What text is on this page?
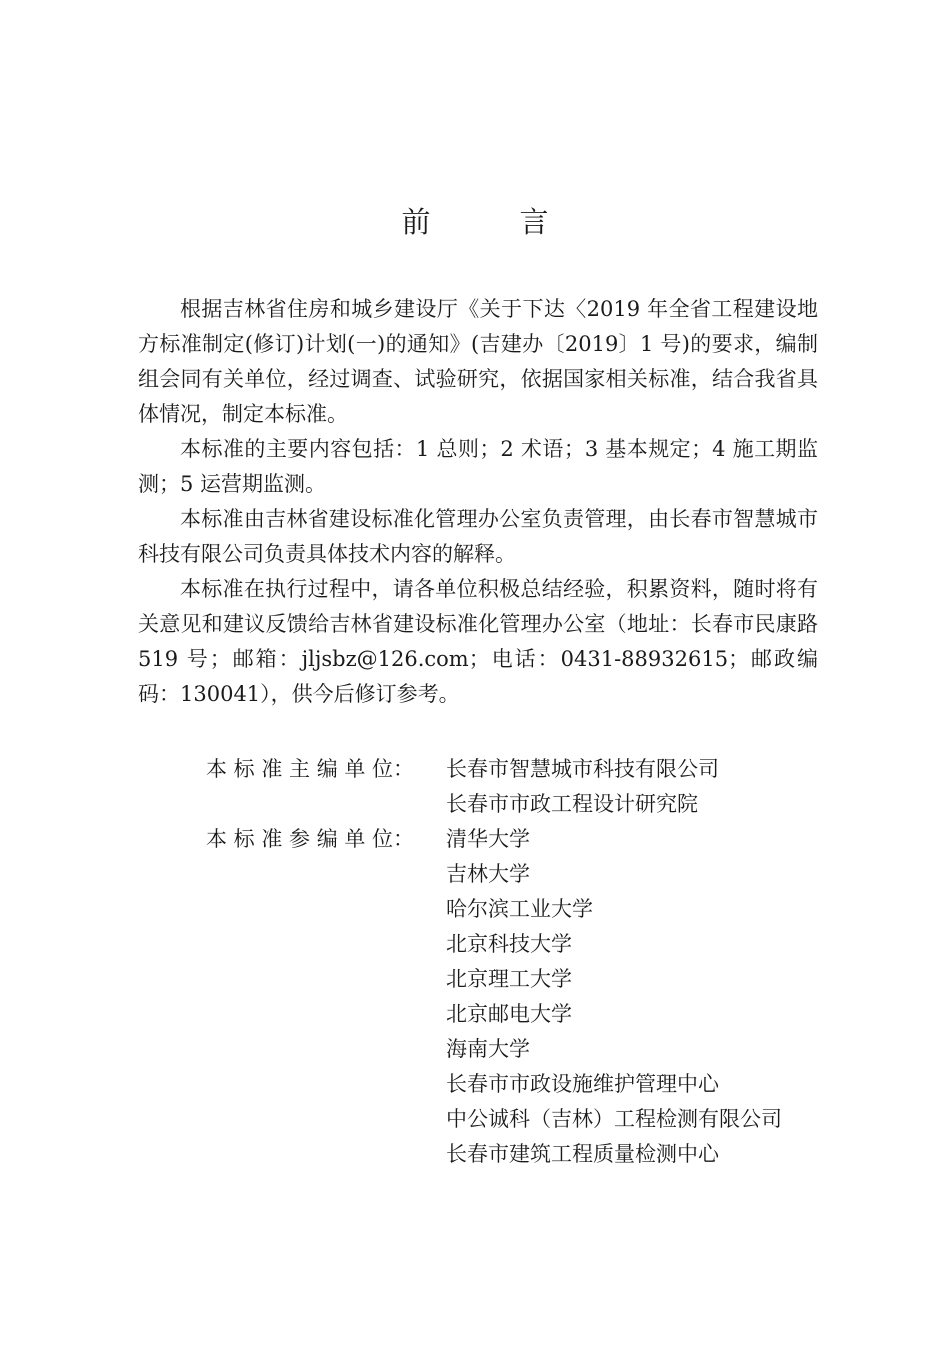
前　言

根据吉林省住房和城乡建设厅《关于下达〈2019 年全省工程建设地方标准制定(修订)计划(一)的通知》(吉建办〔2019〕1 号)的要求，编制组会同有关单位，经过调查、试验研究，依据国家相关标准，结合我省具体情况，制定本标准。

本标准的主要内容包括：1 总则；2 术语；3 基本规定；4 施工期监测；5 运营期监测。

本标准由吉林省建设标准化管理办公室负责管理，由长春市智慧城市科技有限公司负责具体技术内容的解释。

本标准在执行过程中，请各单位积极总结经验，积累资料，随时将有关意见和建议反馈给吉林省建设标准化管理办公室（地址：长春市民康路 519 号；邮箱：jljsbz@126.com；电话：0431-88932615；邮政编码：130041），供今后修订参考。

本 标 准 主 编 单 位：	长春市智慧城市科技有限公司
长春市市政工程设计研究院
本 标 准 参 编 单 位：	清华大学
吉林大学
哈尔滨工业大学
北京科技大学
北京理工大学
北京邮电大学
海南大学
长春市市政设施维护管理中心
中公诚科（吉林）工程检测有限公司
长春市建筑工程质量检测中心
